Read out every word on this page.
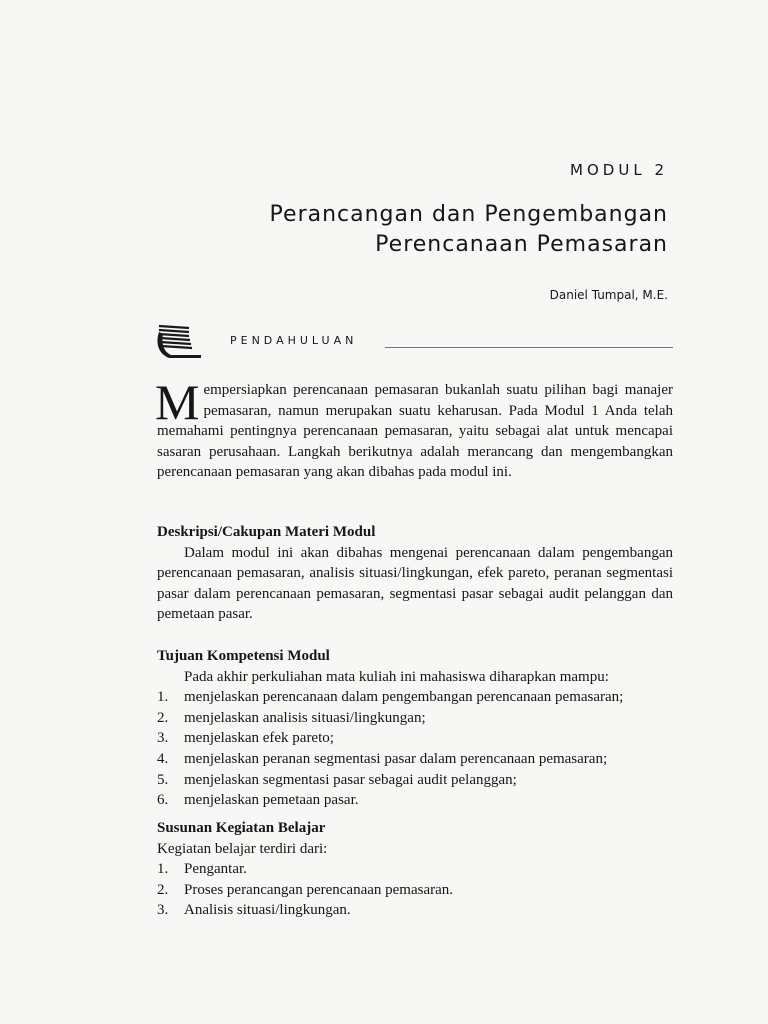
MODUL 2
Perancangan dan Pengembangan
Perencanaan Pemasaran
Daniel Tumpal, M.E.
PENDAHULUAN
Mempersiapkan perencanaan pemasaran bukanlah suatu pilihan bagi manajer pemasaran, namun merupakan suatu keharusan. Pada Modul 1 Anda telah memahami pentingnya perencanaan pemasaran, yaitu sebagai alat untuk mencapai sasaran perusahaan. Langkah berikutnya adalah merancang dan mengembangkan perencanaan pemasaran yang akan dibahas pada modul ini.

Deskripsi/Cakupan Materi Modul

Dalam modul ini akan dibahas mengenai perencanaan dalam pengembangan perencanaan pemasaran, analisis situasi/lingkungan, efek pareto, peranan segmentasi pasar dalam perencanaan pemasaran, segmentasi pasar sebagai audit pelanggan dan pemetaan pasar.

Tujuan Kompetensi Modul

Pada akhir perkuliahan mata kuliah ini mahasiswa diharapkan mampu:

1. menjelaskan perencanaan dalam pengembangan perencanaan pemasaran;
2. menjelaskan analisis situasi/lingkungan;
3. menjelaskan efek pareto;
4. menjelaskan peranan segmentasi pasar dalam perencanaan pemasaran;
5. menjelaskan segmentasi pasar sebagai audit pelanggan;
6. menjelaskan pemetaan pasar.

Susunan Kegiatan Belajar

Kegiatan belajar terdiri dari:

1. Pengantar.
2. Proses perancangan perencanaan pemasaran.
3. Analisis situasi/lingkungan.
